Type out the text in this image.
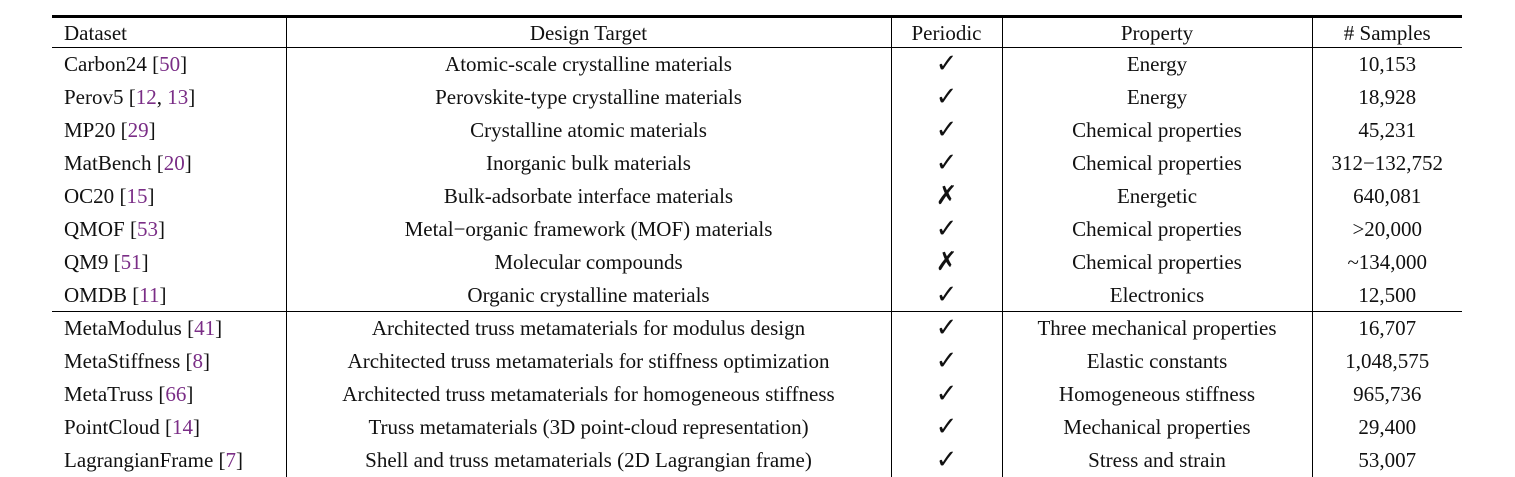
Dataset	Design Target	Periodic	Property	# Samples
Carbon24 [50]	Atomic-scale crystalline materials	✓	Energy	10,153
Perov5 [12, 13]	Perovskite-type crystalline materials	✓	Energy	18,928
MP20 [29]	Crystalline atomic materials	✓	Chemical properties	45,231
MatBench [20]	Inorganic bulk materials	✓	Chemical properties	312−132,752
OC20 [15]	Bulk-adsorbate interface materials	✗	Energetic	640,081
QMOF [53]	Metal−organic framework (MOF) materials	✓	Chemical properties	>20,000
QM9 [51]	Molecular compounds	✗	Chemical properties	~134,000
OMDB [11]	Organic crystalline materials	✓	Electronics	12,500
MetaModulus [41]	Architected truss metamaterials for modulus design	✓	Three mechanical properties	16,707
MetaStiffness [8]	Architected truss metamaterials for stiffness optimization	✓	Elastic constants	1,048,575
MetaTruss [66]	Architected truss metamaterials for homogeneous stiffness	✓	Homogeneous stiffness	965,736
PointCloud [14]	Truss metamaterials (3D point-cloud representation)	✓	Mechanical properties	29,400
LagrangianFrame [7]	Shell and truss metamaterials (2D Lagrangian frame)	✓	Stress and strain	53,007
